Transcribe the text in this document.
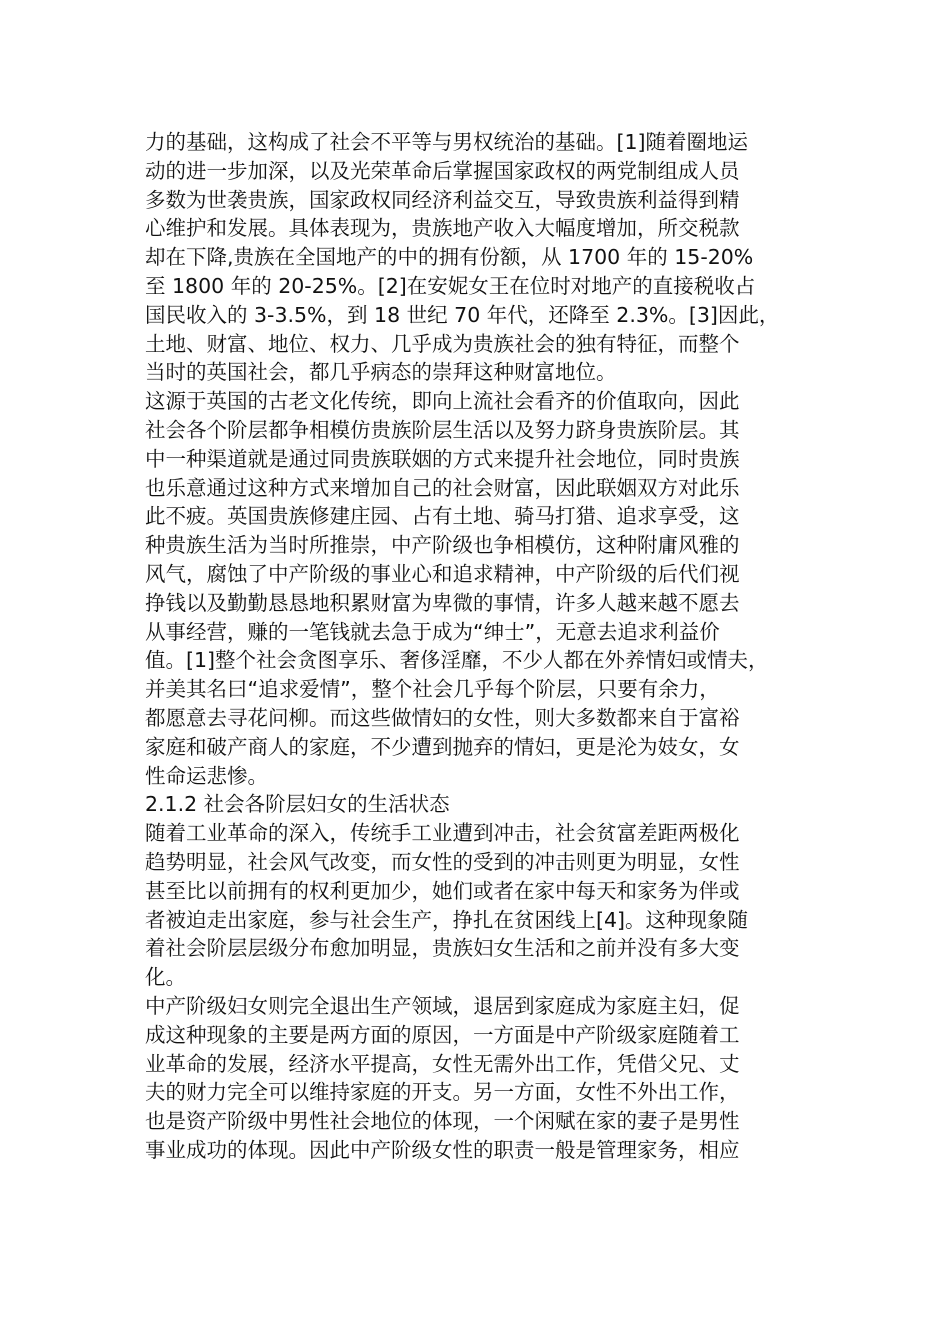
力的基础，这构成了社会不平等与男权统治的基础。[1]随着圈地运
动的进一步加深，以及光荣革命后掌握国家政权的两党制组成人员
多数为世袭贵族，国家政权同经济利益交互，导致贵族利益得到精
心维护和发展。具体表现为，贵族地产收入大幅度增加，所交税款
却在下降,贵族在全国地产的中的拥有份额，从 1700 年的 15-20%
至 1800 年的 20-25%。[2]在安妮女王在位时对地产的直接税收占
国民收入的 3-3.5%，到 18 世纪 70 年代，还降至 2.3%。[3]因此，
土地、财富、地位、权力、几乎成为贵族社会的独有特征，而整个
当时的英国社会，都几乎病态的崇拜这种财富地位。
这源于英国的古老文化传统，即向上流社会看齐的价值取向，因此
社会各个阶层都争相模仿贵族阶层生活以及努力跻身贵族阶层。其
中一种渠道就是通过同贵族联姻的方式来提升社会地位，同时贵族
也乐意通过这种方式来增加自己的社会财富，因此联姻双方对此乐
此不疲。英国贵族修建庄园、占有土地、骑马打猎、追求享受，这
种贵族生活为当时所推崇，中产阶级也争相模仿，这种附庸风雅的
风气，腐蚀了中产阶级的事业心和追求精神，中产阶级的后代们视
挣钱以及勤勤恳恳地积累财富为卑微的事情，许多人越来越不愿去
从事经营，赚的一笔钱就去急于成为“绅士”，无意去追求利益价
值。[1]整个社会贪图享乐、奢侈淫靡，不少人都在外养情妇或情夫，
并美其名曰“追求爱情”，整个社会几乎每个阶层，只要有余力，
都愿意去寻花问柳。而这些做情妇的女性，则大多数都来自于富裕
家庭和破产商人的家庭，不少遭到抛弃的情妇，更是沦为妓女，女
性命运悲惨。
2.1.2 社会各阶层妇女的生活状态
随着工业革命的深入，传统手工业遭到冲击，社会贫富差距两极化
趋势明显，社会风气改变，而女性的受到的冲击则更为明显，女性
甚至比以前拥有的权利更加少，她们或者在家中每天和家务为伴或
者被迫走出家庭，参与社会生产，挣扎在贫困线上[4]。这种现象随
着社会阶层层级分布愈加明显，贵族妇女生活和之前并没有多大变
化。
中产阶级妇女则完全退出生产领域，退居到家庭成为家庭主妇，促
成这种现象的主要是两方面的原因，一方面是中产阶级家庭随着工
业革命的发展，经济水平提高，女性无需外出工作，凭借父兄、丈
夫的财力完全可以维持家庭的开支。另一方面，女性不外出工作，
也是资产阶级中男性社会地位的体现，一个闲赋在家的妻子是男性
事业成功的体现。因此中产阶级女性的职责一般是管理家务，相应
